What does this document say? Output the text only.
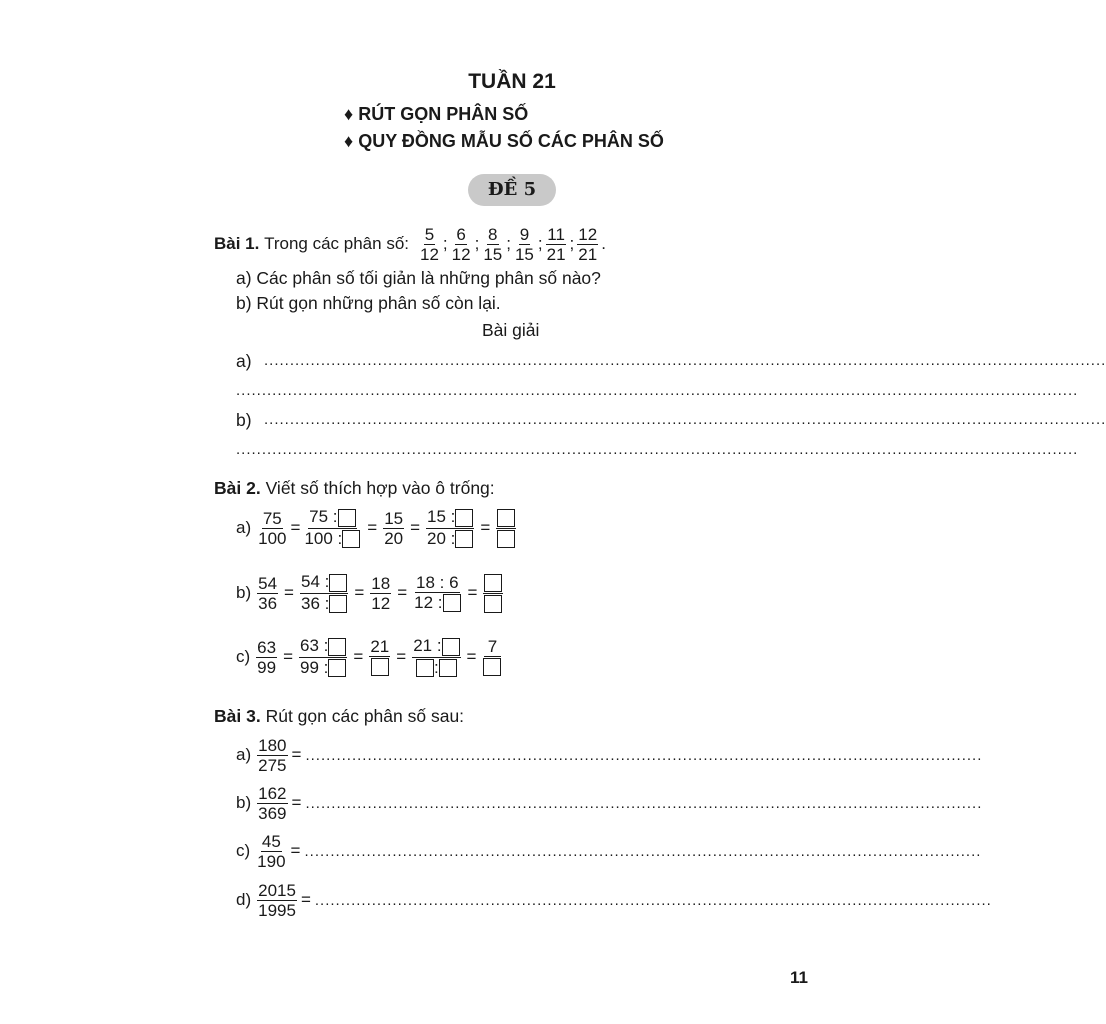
TUẦN 21
♦ RÚT GỌN PHÂN SỐ
♦ QUY ĐỒNG MẪU SỐ CÁC PHÂN SỐ
ĐỀ 5
Bài 1.
Trong các phân số: $\frac{5}{12}$ ; $\frac{6}{12}$ ; $\frac{8}{15}$ ; $\frac{9}{15}$ ; $\frac{11}{21}$ ; $\frac{12}{21}$ .
a) Các phân số tối giản là những phân số nào?
b) Rút gọn những phân số còn lại.
Bài giải
a) ...................................................................................................................................................................
...................................................................................................................................................................
b) ...................................................................................................................................................................
...................................................................................................................................................................
Bài 2. Viết số thích hợp vào ô trống:
$a) \frac{75}{100} = \frac{75 :}{100 :} = \frac{15}{20} = \frac{15 :}{20 :}$ =
$b) \frac{54}{36} = \frac{54 :}{36 :} = \frac{18}{12} = \frac{18 : 6}{12 :}$ =
$c) \frac{63}{99} = \frac{63 :}{99 :}$ =
21
= $\frac{21 :}{:}$ =
7
Bài 3. Rút gọn các phân số sau:
$a) \frac{180}{275}$ = ...................................................................................................................................
$b) \frac{162}{369}$ = ...................................................................................................................................
$c) \frac{45}{190}$ = ...................................................................................................................................
$d) \frac{2015}{1995}$ = ...................................................................................................................................
11
